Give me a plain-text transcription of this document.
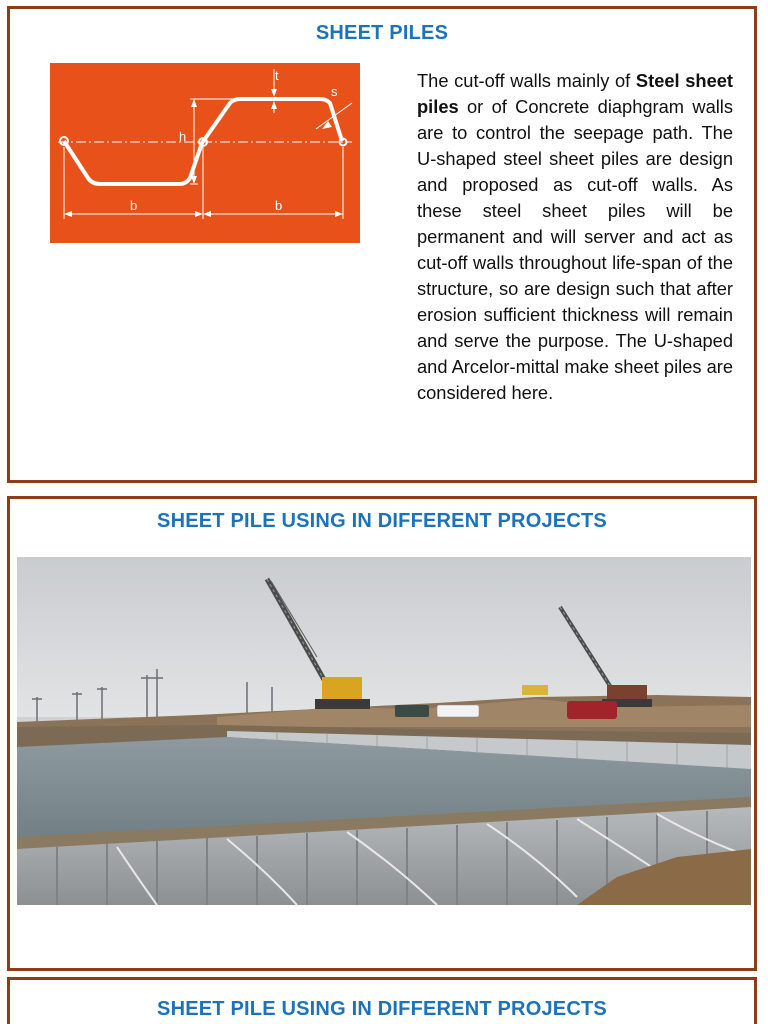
SHEET PILES
h
t
s
b	b
The cut-off walls mainly of Steel sheet piles or of Concrete diaphgram walls are to control the seepage path. The U-shaped steel sheet piles are design and proposed as cut-off walls. As these steel sheet piles will be permanent and will server and act as cut-off walls throughout life-span of the structure, so are design such that after erosion sufficient thickness will remain and serve the purpose. The U-shaped and Arcelor-mittal make sheet piles are considered here.
SHEET PILE USING IN DIFFERENT PROJECTS
SHEET PILE USING IN DIFFERENT PROJECTS
